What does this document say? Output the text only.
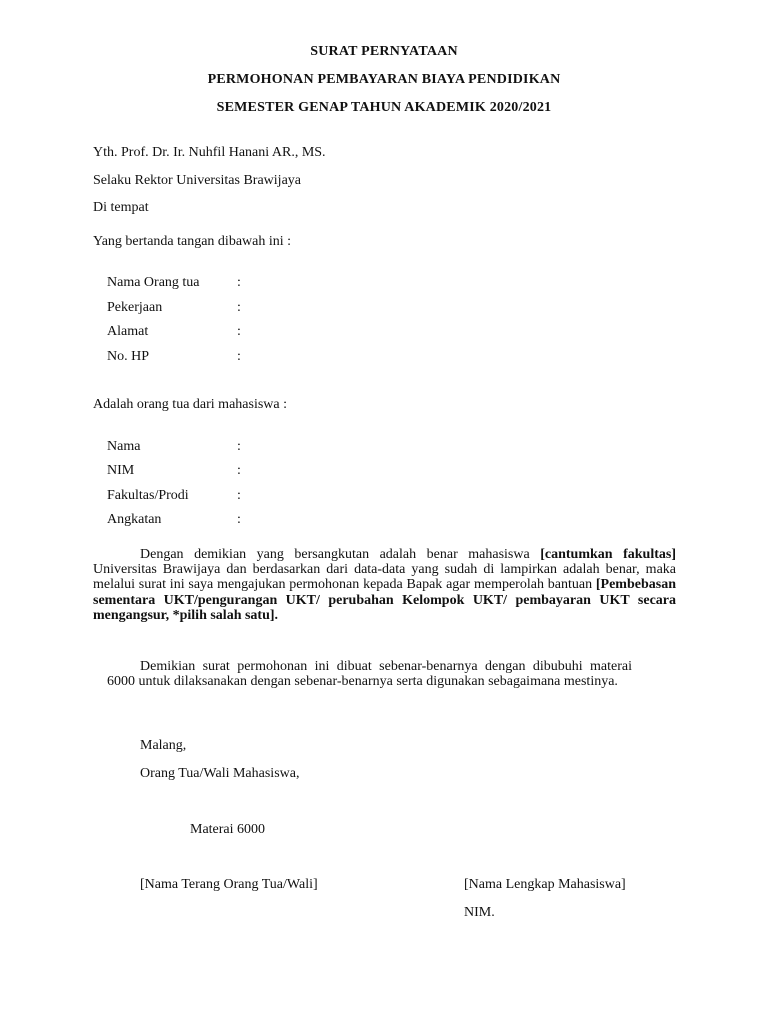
SURAT PERNYATAAN
PERMOHONAN PEMBAYARAN BIAYA PENDIDIKAN
SEMESTER GENAP TAHUN AKADEMIK 2020/2021
Yth. Prof. Dr. Ir. Nuhfil Hanani AR., MS.
Selaku Rektor Universitas Brawijaya
Di tempat
Yang bertanda tangan dibawah ini :
Nama Orang tua	:
Pekerjaan	:
Alamat	:
No. HP	:
Adalah orang tua dari mahasiswa :
Nama	:
NIM	:
Fakultas/Prodi	:
Angkatan	:
Dengan demikian yang bersangkutan adalah benar mahasiswa [cantumkan fakultas] Universitas Brawijaya dan berdasarkan dari data-data yang sudah di lampirkan adalah benar, maka melalui surat ini saya mengajukan permohonan kepada Bapak agar memperolah bantuan [Pembebasan sementara UKT/pengurangan UKT/ perubahan Kelompok UKT/ pembayaran UKT secara mengangsur, *pilih salah satu].
Demikian surat permohonan ini dibuat sebenar-benarnya dengan dibubuhi materai 6000 untuk dilaksanakan dengan sebenar-benarnya serta digunakan sebagaimana mestinya.
Malang,
Orang Tua/Wali Mahasiswa,
Materai 6000
[Nama Terang Orang Tua/Wali]	[Nama Lengkap Mahasiswa]
NIM.
